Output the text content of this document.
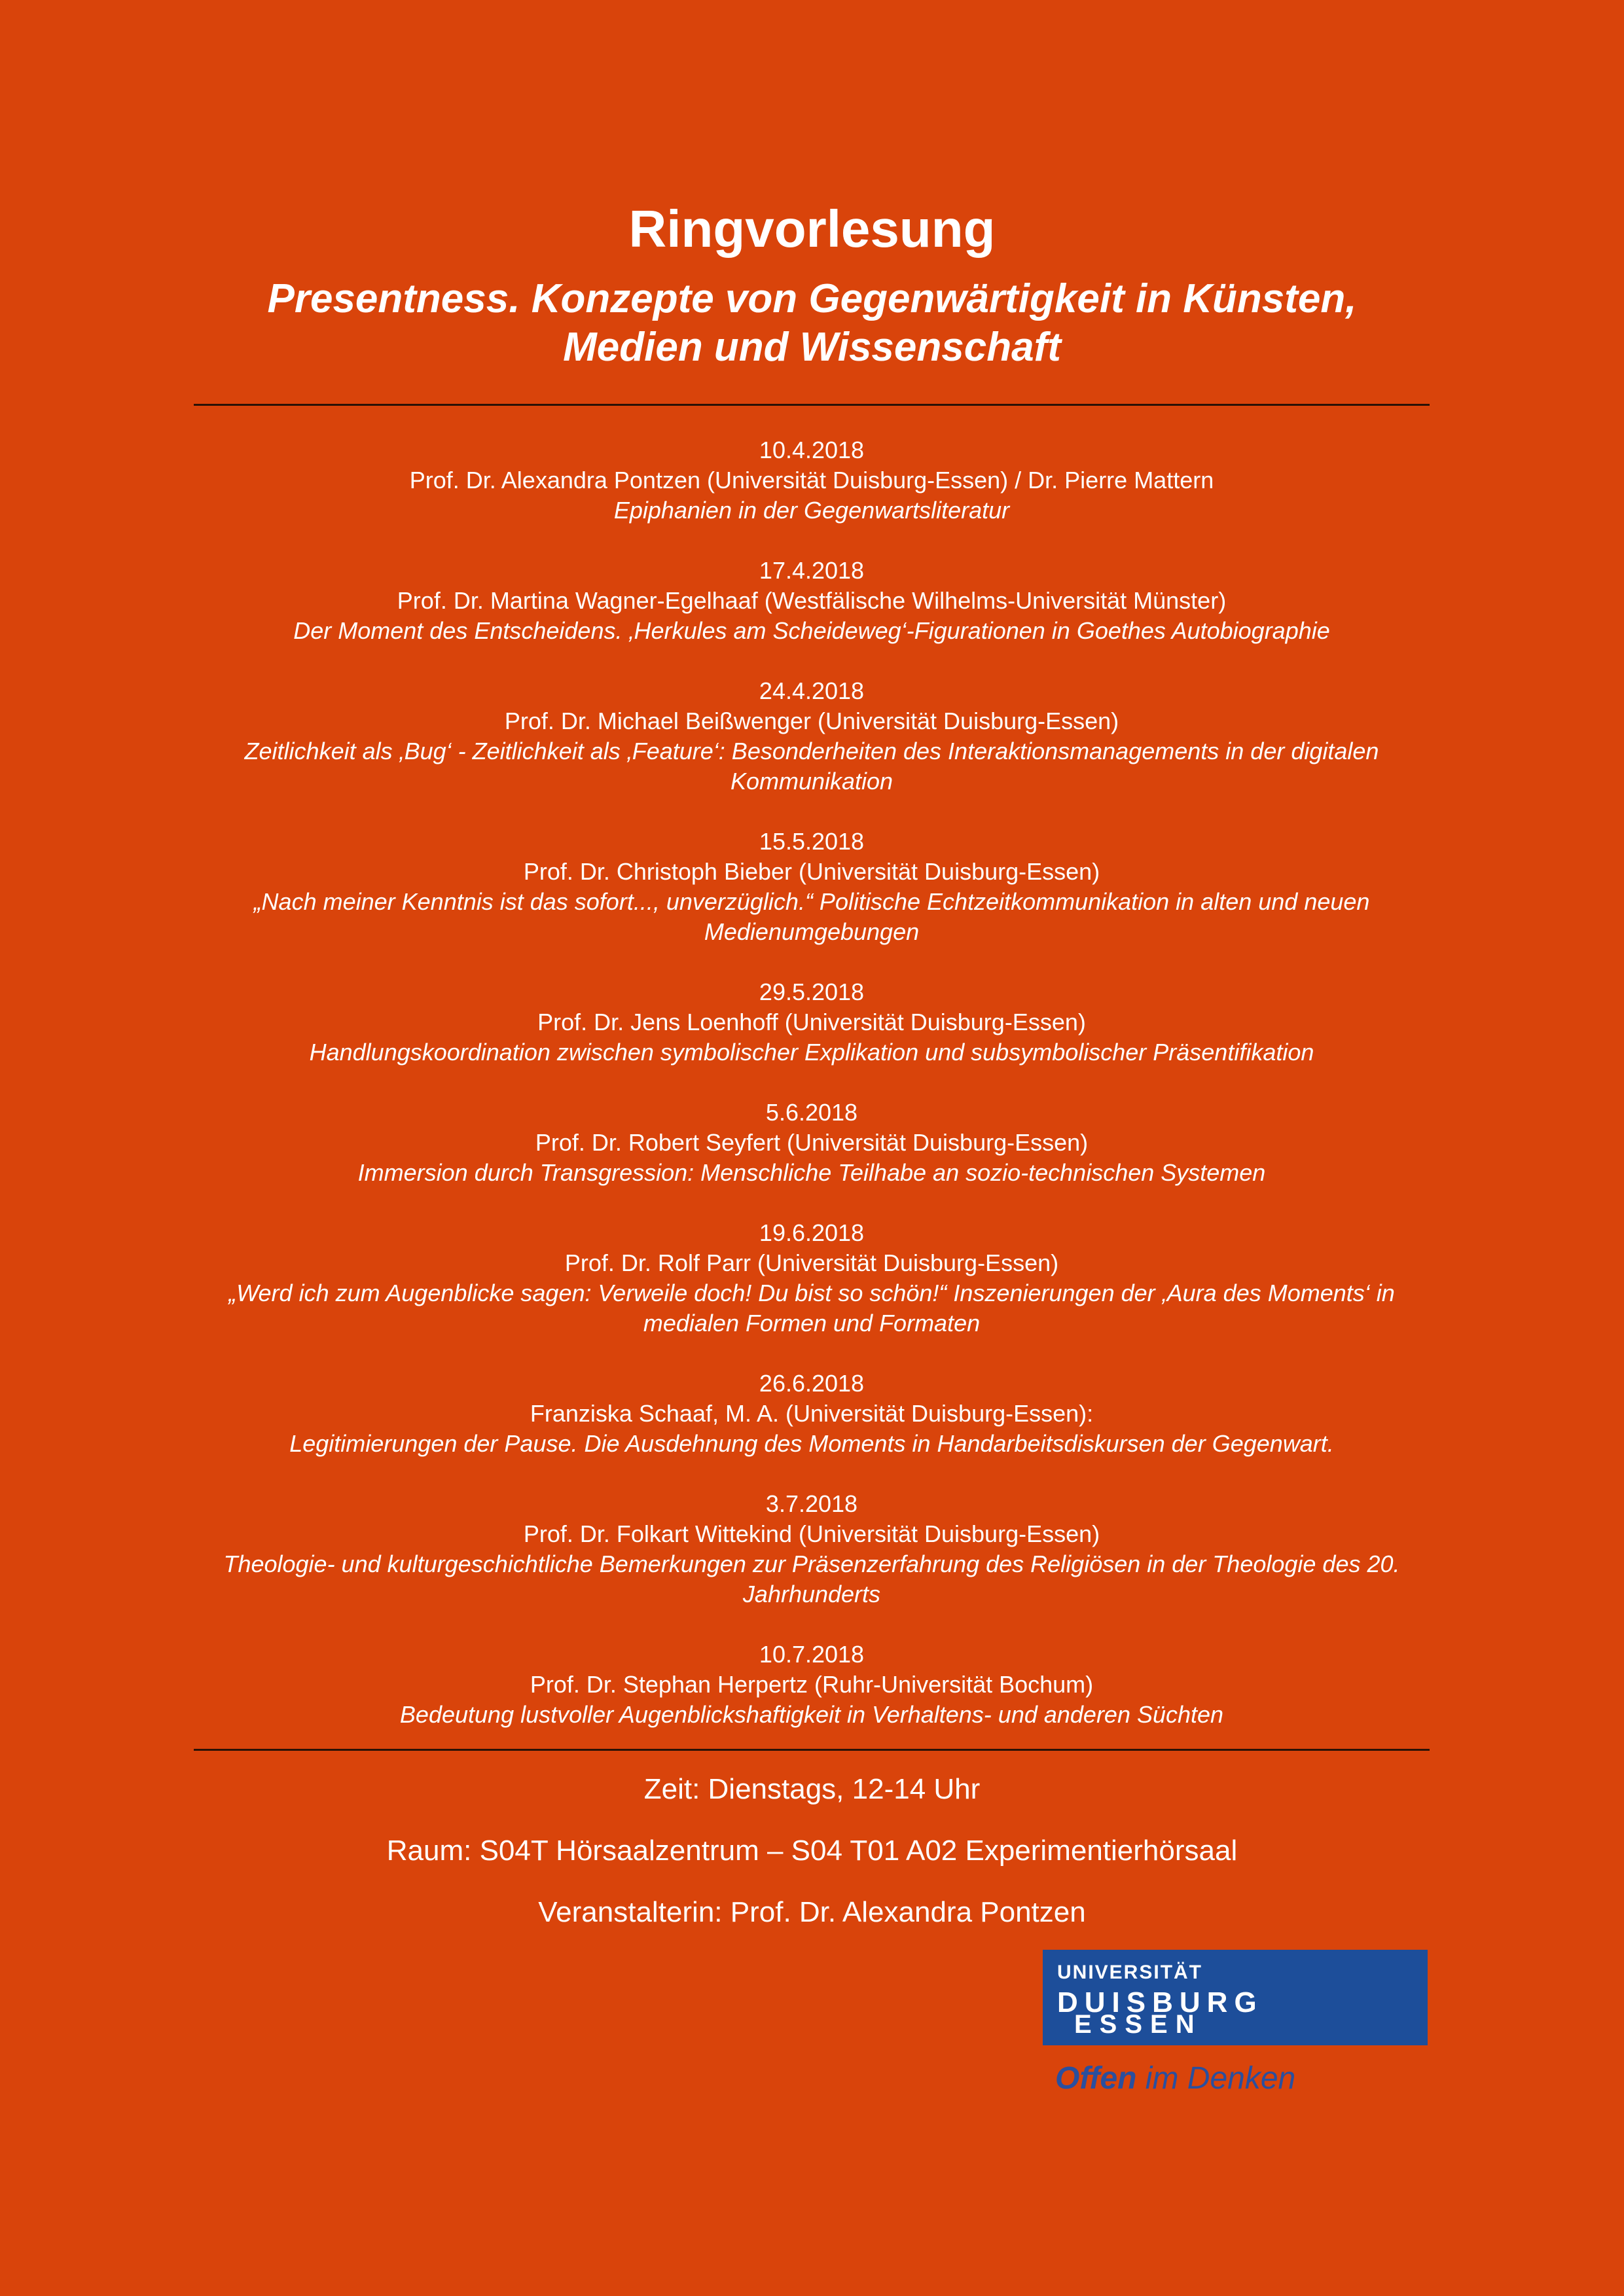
Ringvorlesung
Presentness. Konzepte von Gegenwärtigkeit in Künsten,
Medien und Wissenschaft
10.4.2018
Prof. Dr. Alexandra Pontzen (Universität Duisburg-Essen) / Dr. Pierre Mattern
Epiphanien in der Gegenwartsliteratur
17.4.2018
Prof. Dr. Martina Wagner-Egelhaaf (Westfälische Wilhelms-Universität Münster)
Der Moment des Entscheidens. ‚Herkules am Scheideweg‘-Figurationen in Goethes Autobiographie
24.4.2018
Prof. Dr. Michael Beißwenger (Universität Duisburg-Essen)
Zeitlichkeit als ‚Bug‘ - Zeitlichkeit als ‚Feature‘: Besonderheiten des Interaktionsmanagements in der digitalen
Kommunikation
15.5.2018
Prof. Dr. Christoph Bieber (Universität Duisburg-Essen)
„Nach meiner Kenntnis ist das sofort..., unverzüglich.“ Politische Echtzeitkommunikation in alten und neuen
Medienumgebungen
29.5.2018
Prof. Dr. Jens Loenhoff (Universität Duisburg-Essen)
Handlungskoordination zwischen symbolischer Explikation und subsymbolischer Präsentifikation
5.6.2018
Prof. Dr. Robert Seyfert (Universität Duisburg-Essen)
Immersion durch Transgression: Menschliche Teilhabe an sozio-technischen Systemen
19.6.2018
Prof. Dr. Rolf Parr (Universität Duisburg-Essen)
„Werd ich zum Augenblicke sagen: Verweile doch! Du bist so schön!“ Inszenierungen der ‚Aura des Moments‘ in
medialen Formen und Formaten
26.6.2018
Franziska Schaaf, M. A. (Universität Duisburg-Essen):
Legitimierungen der Pause. Die Ausdehnung des Moments in Handarbeitsdiskursen der Gegenwart.
3.7.2018
Prof. Dr. Folkart Wittekind (Universität Duisburg-Essen)
Theologie- und kulturgeschichtliche Bemerkungen zur Präsenzerfahrung des Religiösen in der Theologie des 20.
Jahrhunderts
10.7.2018
Prof. Dr. Stephan Herpertz (Ruhr-Universität Bochum)
Bedeutung lustvoller Augenblickshaftigkeit in Verhaltens- und anderen Süchten
Zeit: Dienstags, 12-14 Uhr
Raum: S04T Hörsaalzentrum – S04 T01 A02 Experimentierhörsaal
Veranstalterin: Prof. Dr. Alexandra Pontzen
UNIVERSITÄT
DUISBURG
ESSEN
Offen im Denken
